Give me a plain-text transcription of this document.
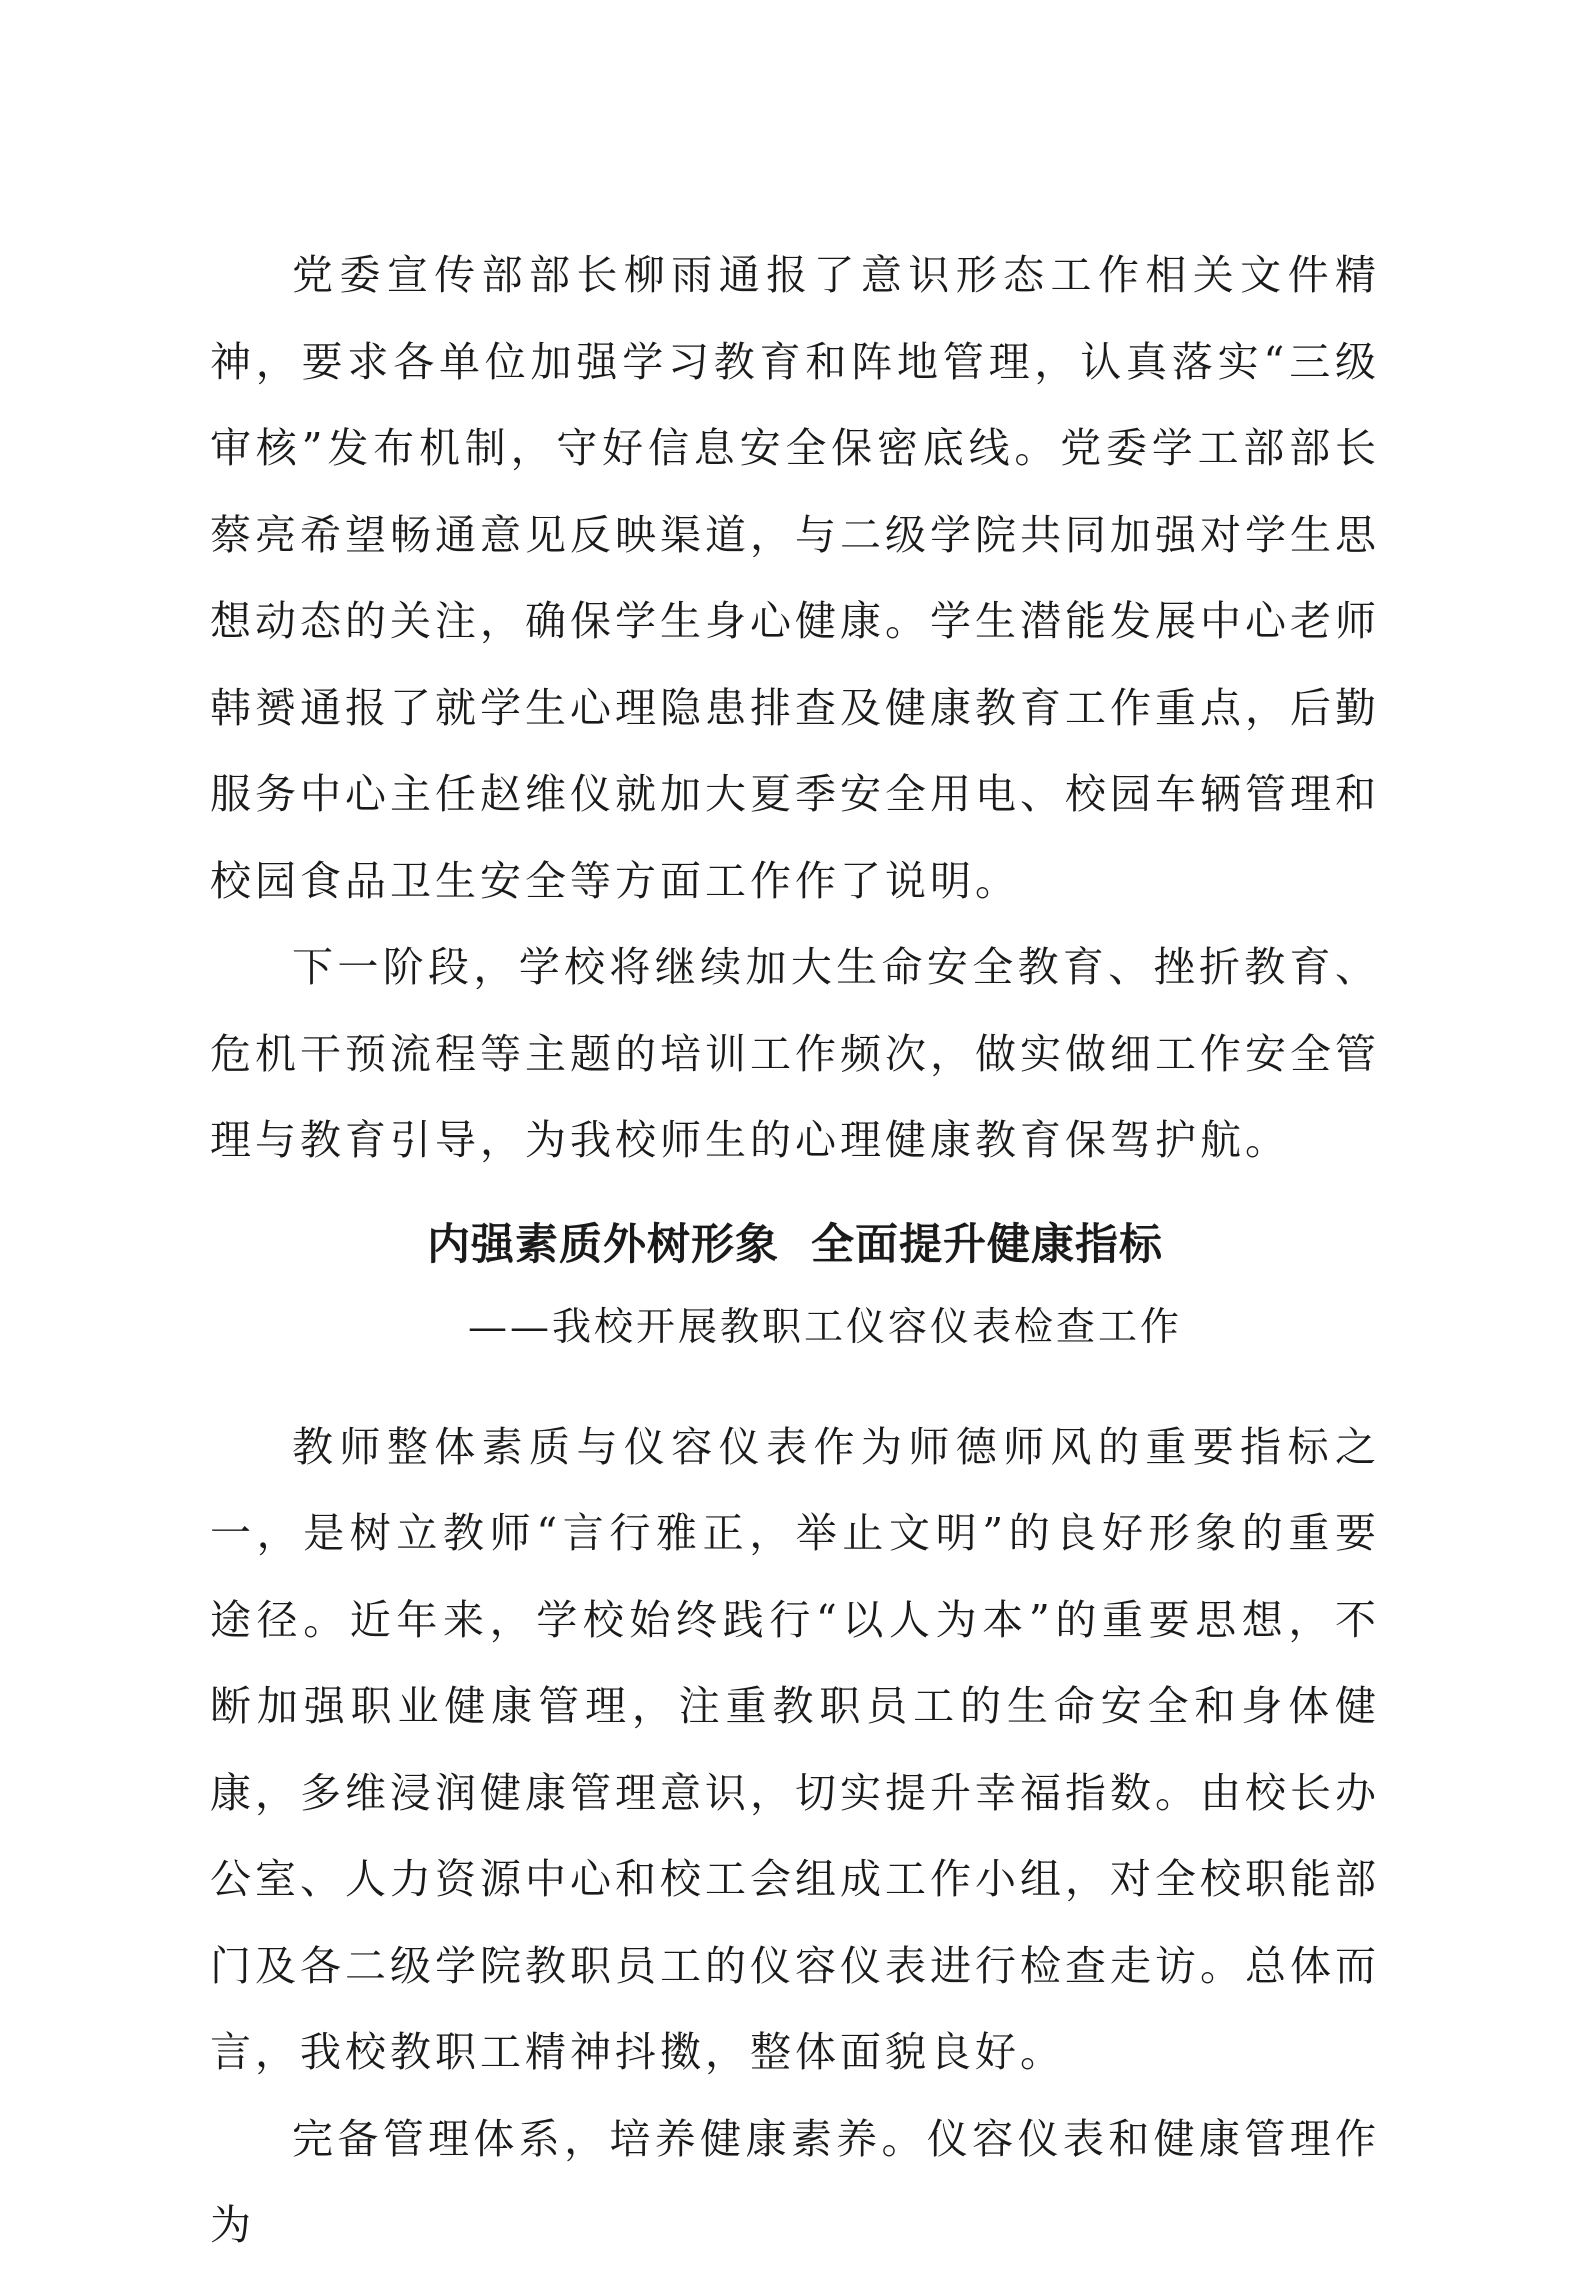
党委宣传部部长柳雨通报了意识形态工作相关文件精神，要求各单位加强学习教育和阵地管理，认真落实“三级审核”发布机制，守好信息安全保密底线。党委学工部部长蔡亮希望畅通意见反映渠道，与二级学院共同加强对学生思想动态的关注，确保学生身心健康。学生潜能发展中心老师韩赟通报了就学生心理隐患排查及健康教育工作重点，后勤服务中心主任赵维仪就加大夏季安全用电、校园车辆管理和校园食品卫生安全等方面工作作了说明。

下一阶段，学校将继续加大生命安全教育、挫折教育、危机干预流程等主题的培训工作频次，做实做细工作安全管理与教育引导，为我校师生的心理健康教育保驾护航。

内强素质外树形象  全面提升健康指标
——我校开展教职工仪容仪表检查工作

教师整体素质与仪容仪表作为师德师风的重要指标之一，是树立教师“言行雅正，举止文明”的良好形象的重要途径。近年来，学校始终践行“以人为本”的重要思想，不断加强职业健康管理，注重教职员工的生命安全和身体健康，多维浸润健康管理意识，切实提升幸福指数。由校长办公室、人力资源中心和校工会组成工作小组，对全校职能部门及各二级学院教职员工的仪容仪表进行检查走访。总体而言，我校教职工精神抖擞，整体面貌良好。

完备管理体系，培养健康素养。仪容仪表和健康管理作为
